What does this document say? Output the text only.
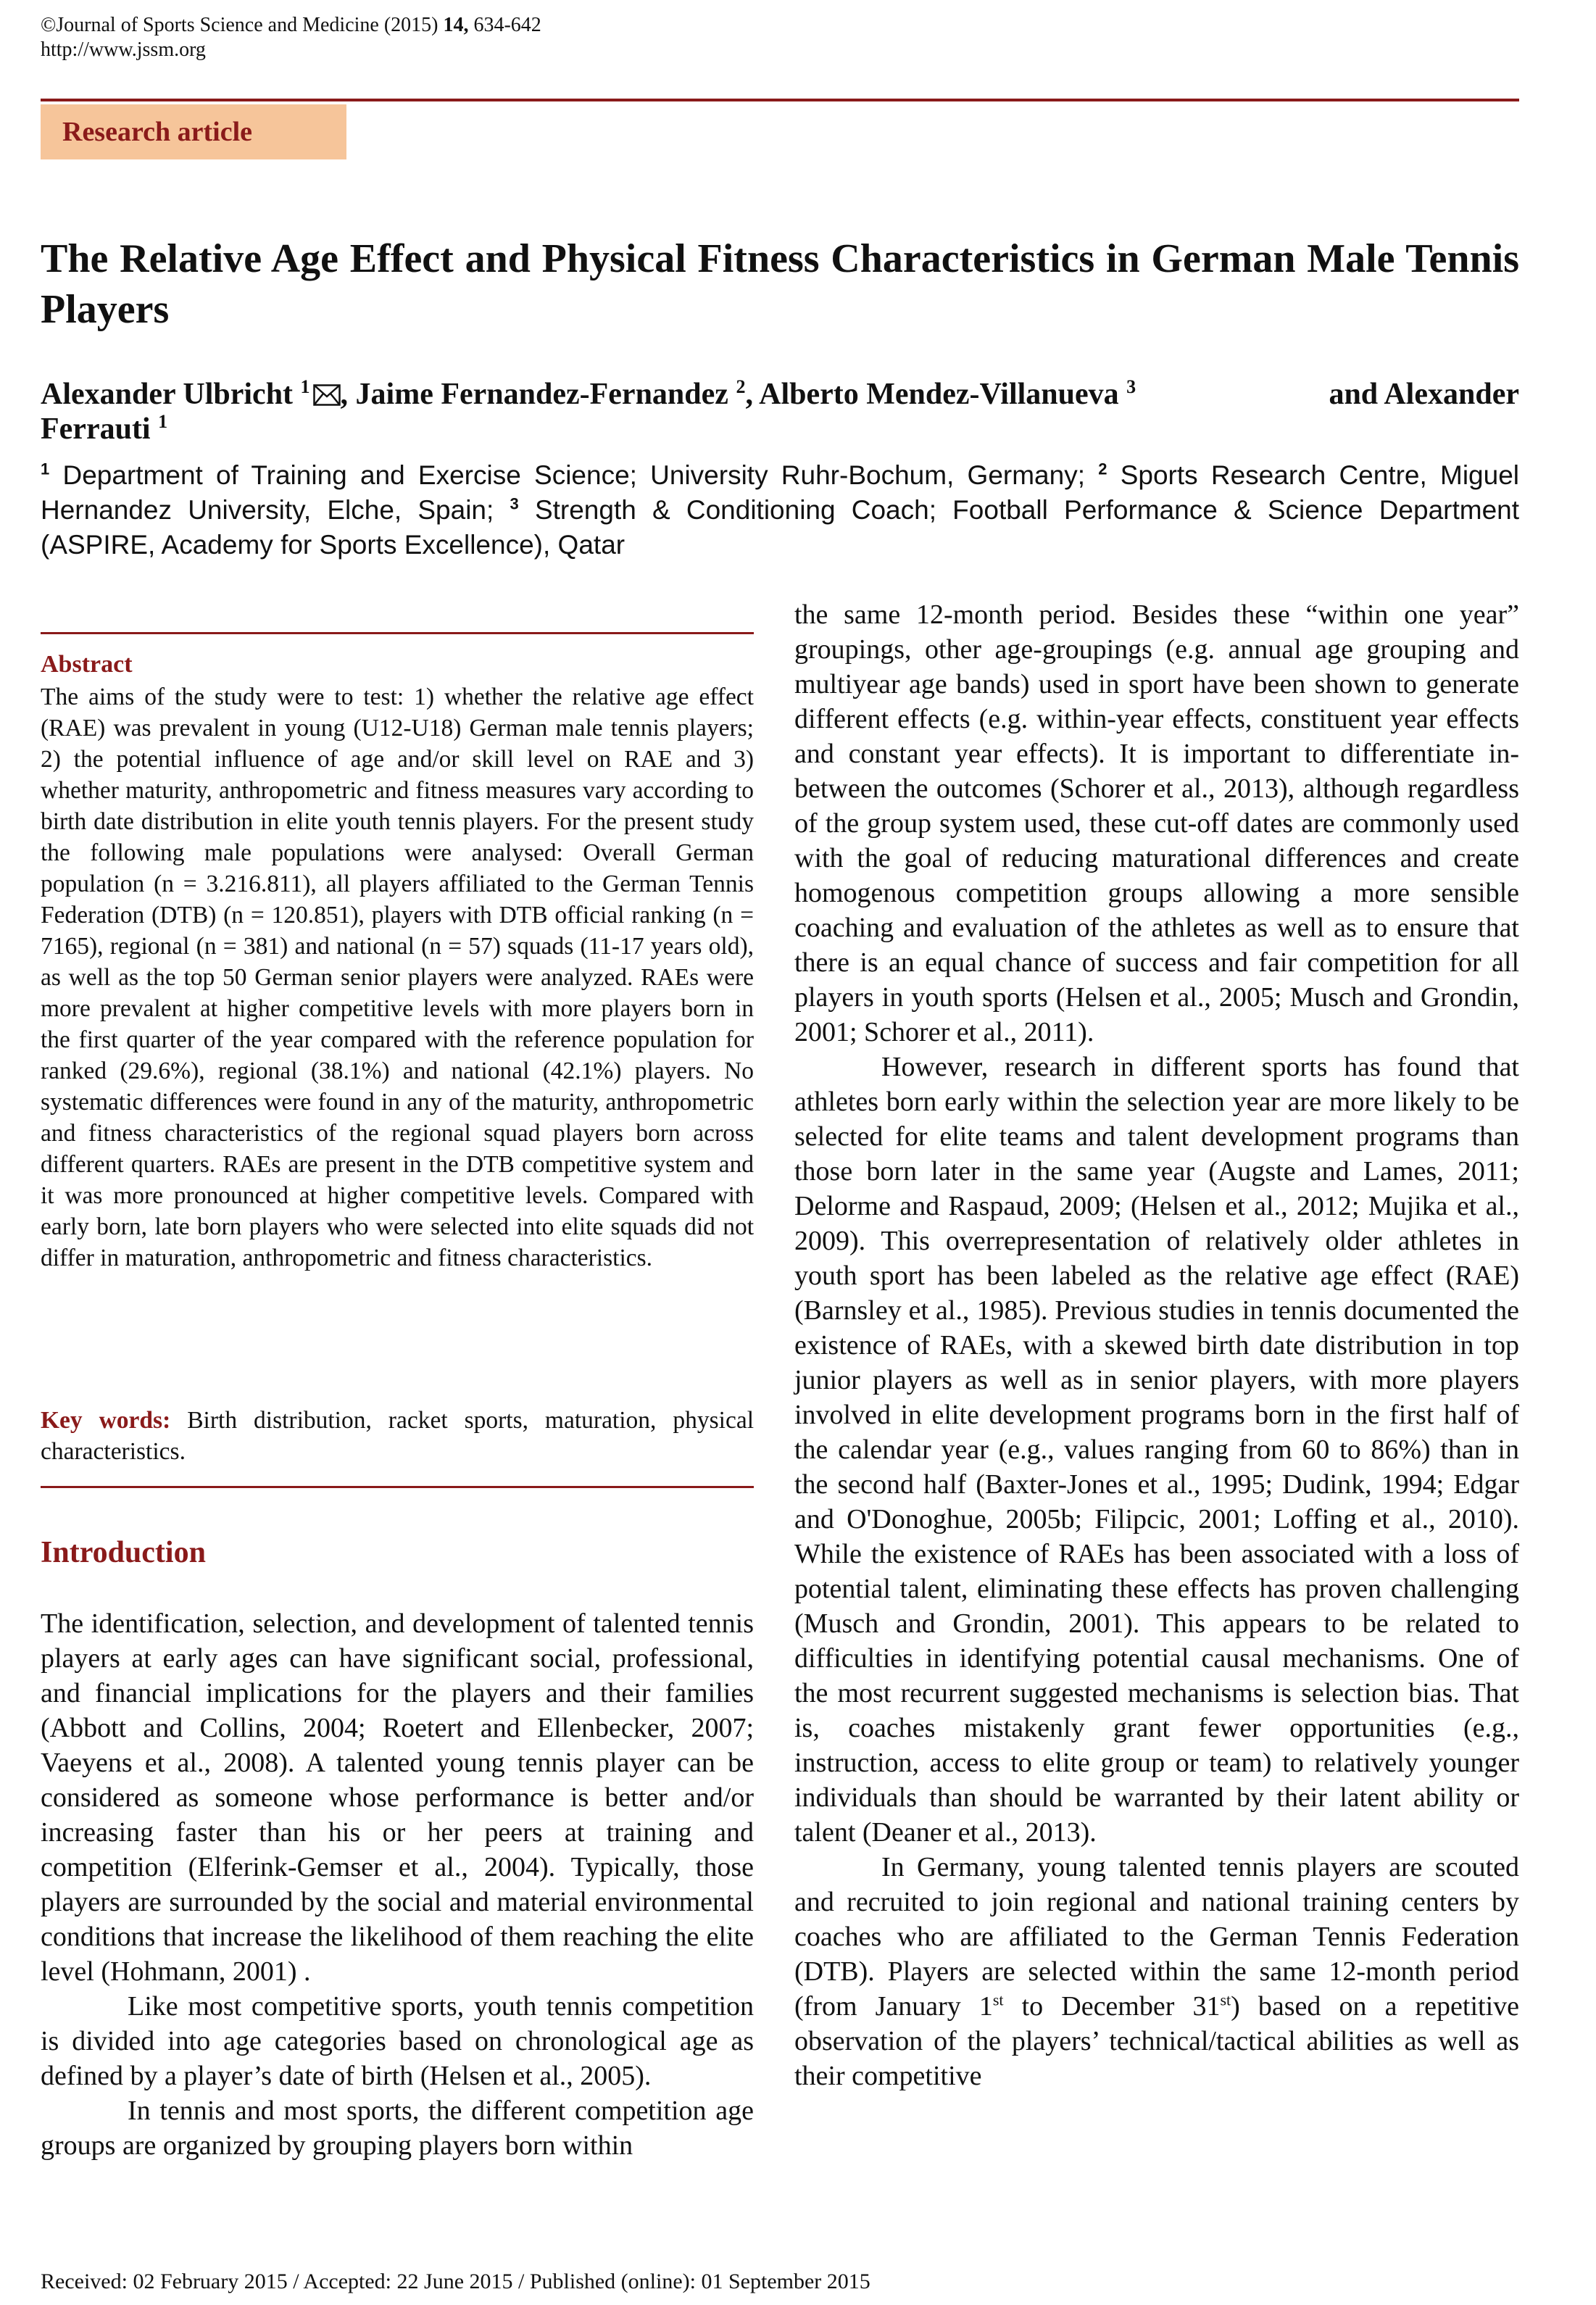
©Journal of Sports Science and Medicine (2015) 14, 634-642
http://www.jssm.org
Research article
The Relative Age Effect and Physical Fitness Characteristics in German Male Tennis Players
Alexander Ulbricht $^1$ , Jaime Fernandez-Fernandez $^2$, Alberto Mendez-Villanueva $^3$	and Alexander
Ferrauti $^1$
$^1$ Department of Training and Exercise Science; University Ruhr-Bochum, Germany; $^2$ Sports Research Centre, Miguel Hernandez University, Elche, Spain; $^3$ Strength & Conditioning Coach; Football Performance & Science Department (ASPIRE, Academy for Sports Excellence), Qatar
Abstract
The aims of the study were to test: 1) whether the relative age effect (RAE) was prevalent in young (U12-U18) German male tennis players; 2) the potential influence of age and/or skill level on RAE and 3) whether maturity, anthropometric and fitness measures vary according to birth date distribution in elite youth tennis players. For the present study the following male populations were analysed: Overall German population (n = 3.216.811), all players affiliated to the German Tennis Federation (DTB) (n = 120.851), players with DTB official ranking (n = 7165), regional (n = 381) and national (n = 57) squads (11-17 years old), as well as the top 50 German senior players were analyzed. RAEs were more prevalent at higher competitive levels with more players born in the first quarter of the year compared with the reference population for ranked (29.6%), regional (38.1%) and national (42.1%) players. No systematic differences were found in any of the maturity, anthropometric and fitness characteristics of the regional squad players born across different quarters. RAEs are present in the DTB competitive system and it was more pronounced at higher competitive levels. Compared with early born, late born players who were selected into elite squads did not differ in maturation, anthropometric and fitness characteristics.
Key words: Birth distribution, racket sports, maturation, physical characteristics.
Introduction

The identification, selection, and development of talented tennis players at early ages can have significant social, professional, and financial implications for the players and their families (Abbott and Collins, 2004; Roetert and Ellenbecker, 2007; Vaeyens et al., 2008). A talented young tennis player can be considered as someone whose performance is better and/or increasing faster than his or her peers at training and competition (Elferink-Gemser et al., 2004). Typically, those players are surrounded by the social and material environmental conditions that increase the likelihood of them reaching the elite level (Hohmann, 2001) .

Like most competitive sports, youth tennis competition is divided into age categories based on chronological age as defined by a player’s date of birth (Helsen et al., 2005).

In tennis and most sports, the different competition age groups are organized by grouping players born within

the same 12-month period. Besides these “within one year” groupings, other age-groupings (e.g. annual age grouping and multiyear age bands) used in sport have been shown to generate different effects (e.g. within-year effects, constituent year effects and constant year effects). It is important to differentiate in-between the outcomes (Schorer et al., 2013), although regardless of the group system used, these cut-off dates are commonly used with the goal of reducing maturational differences and create homogenous competition groups allowing a more sensible coaching and evaluation of the athletes as well as to ensure that there is an equal chance of success and fair competition for all players in youth sports (Helsen et al., 2005; Musch and Grondin, 2001; Schorer et al., 2011).

However, research in different sports has found that athletes born early within the selection year are more likely to be selected for elite teams and talent development programs than those born later in the same year (Augste and Lames, 2011; Delorme and Raspaud, 2009; (Helsen et al., 2012; Mujika et al., 2009). This overrepresentation of relatively older athletes in youth sport has been labeled as the relative age effect (RAE) (Barnsley et al., 1985). Previous studies in tennis documented the existence of RAEs, with a skewed birth date distribution in top junior players as well as in senior players, with more players involved in elite development programs born in the first half of the calendar year (e.g., values ranging from 60 to 86%) than in the second half (Baxter-Jones et al., 1995; Dudink, 1994; Edgar and O'Donoghue, 2005b; Filipcic, 2001; Loffing et al., 2010). While the existence of RAEs has been associated with a loss of potential talent, eliminating these effects has proven challenging (Musch and Grondin, 2001). This appears to be related to difficulties in identifying potential causal mechanisms. One of the most recurrent suggested mechanisms is selection bias. That is, coaches mistakenly grant fewer opportunities (e.g., instruction, access to elite group or team) to relatively younger individuals than should be warranted by their latent ability or talent (Deaner et al., 2013).

In Germany, young talented tennis players are scouted and recruited to join regional and national training centers by coaches who are affiliated to the German Tennis Federation (DTB). Players are selected within the same 12-month period (from January 1st to December 31st) based on a repetitive observation of the players’ technical/tactical abilities as well as their competitive

Received: 02 February 2015 / Accepted: 22 June 2015 / Published (online): 01 September 2015
